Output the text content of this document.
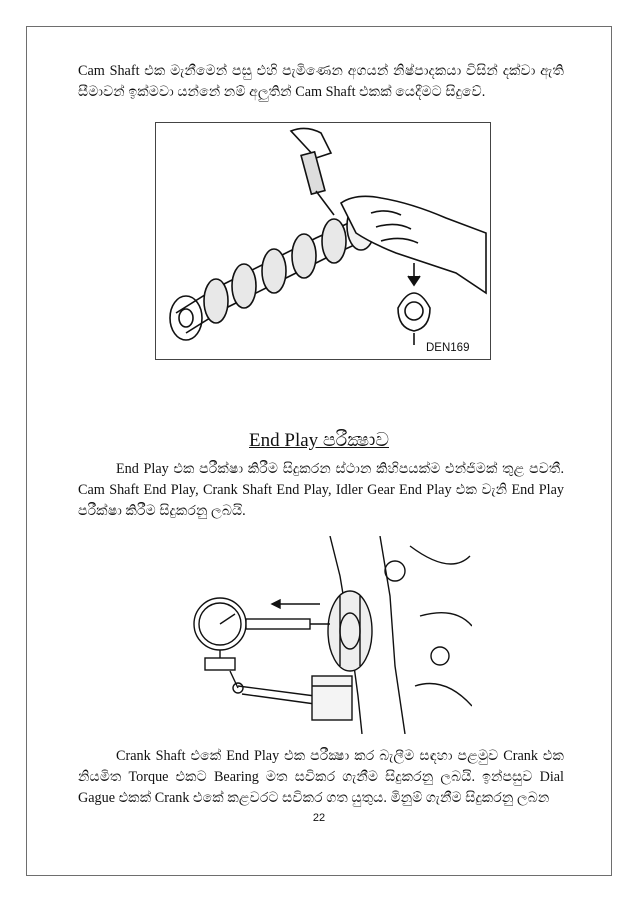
Cam Shaft එක මැනීමෙන් පසු එහි පැමිණෙන අගයන් නිෂ්පාදකයා විසින් දක්වා ඇති සීමාවන් ඉක්මවා යන්නේ නම් අලුතින් Cam Shaft එකක් යෙදීමට සිදුවේ.

DEN169
End Play පරීක්‍ෂාව

End Play එක පරීක්ෂා කිරීම සිදුකරන ස්ථාන කිහිපයක්ම එන්ජිමක් තුළ පවතී. Cam Shaft End Play, Crank Shaft End Play, Idler Gear End Play එක වැනි End Play පරීක්ෂා කිරීම සිදුකරනු ලබයි.

Crank Shaft එකේ End Play එක පරීක්‍ෂා කර බැලීම සඳහා පළමුව Crank එක නියමිත Torque එකට Bearing මත සවිකර ගැනීම සිදුකරනු ලබයි. ඉන්පසුව Dial Gague එකක් Crank එකේ කළවරට සවිකර ගත යුතුය. මිනුම් ගැනීම සිදුකරනු ලබන

22
